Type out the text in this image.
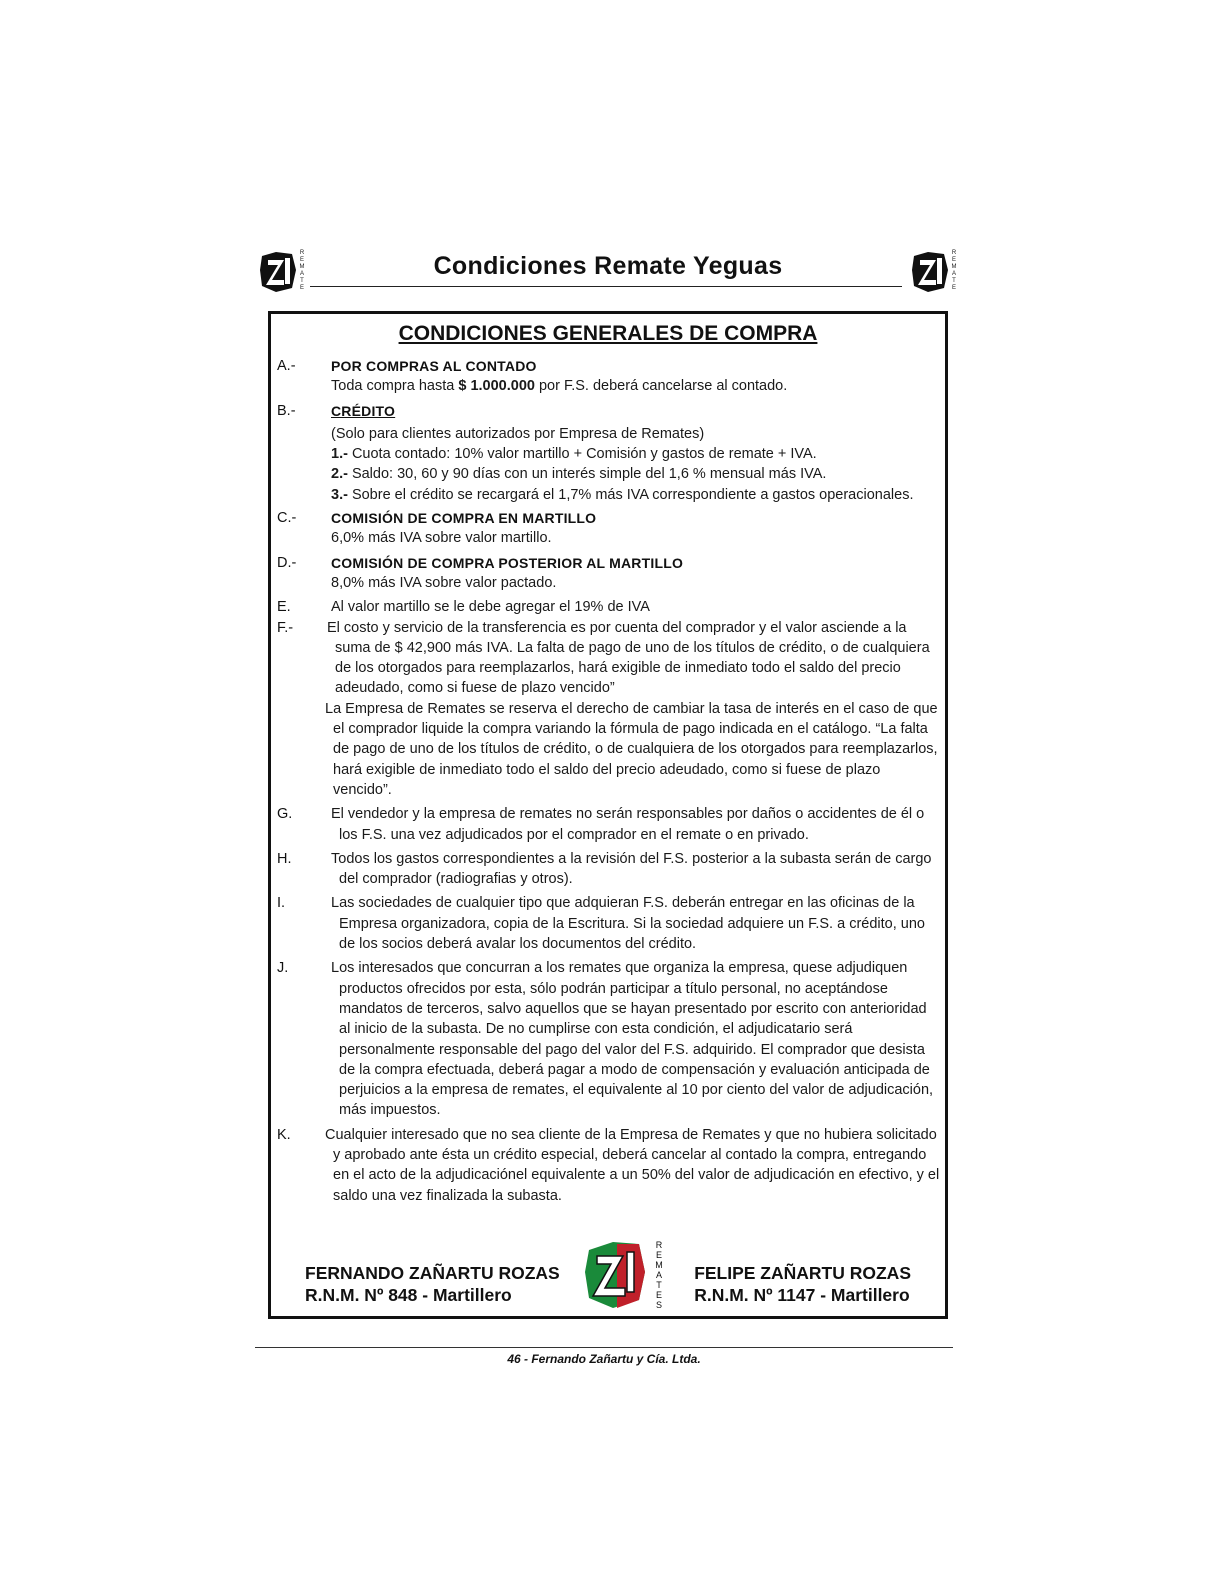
R
E
M
A
T
E
Condiciones Remate Yeguas	R
E
M
A
T
E
CONDICIONES GENERALES DE COMPRA
A.-	POR COMPRAS AL CONTADO
Toda compra hasta $ 1.000.000 por F.S. deberá cancelarse al contado.
B.-	CRÉDITO
(Solo para clientes autorizados por Empresa de Remates)
1.- Cuota contado: 10% valor martillo + Comisión y gastos de remate + IVA.
2.- Saldo: 30, 60 y 90 días con un interés simple del 1,6 % mensual más IVA.
3.- Sobre el crédito se recargará el 1,7% más IVA correspondiente a gastos operacionales.
C.- COMISIÓN DE COMPRA EN MARTILLO
6,0% más IVA sobre valor martillo.
D.- COMISIÓN DE COMPRA POSTERIOR AL MARTILLO
8,0% más IVA sobre valor pactado.
E.	Al valor martillo se le debe agregar el 19% de IVA
F.- El costo y servicio de la transferencia es por cuenta del comprador y el valor asciende a la suma de $ 42,900 más IVA. La falta de pago de uno de los títulos de crédito, o de cualquiera de los otorgados para reemplazarlos, hará exigible de inmediato todo el saldo del precio adeudado, como si fuese de plazo vencido”
La Empresa de Remates se reserva el derecho de cambiar la tasa de interés en el caso de que el comprador liquide la compra variando la fórmula de pago indicada en el catálogo. “La falta de pago de uno de los títulos de crédito, o de cualquiera de los otorgados para reemplazarlos, hará exigible de inmediato todo el saldo del precio adeudado, como si fuese de plazo vencido”.
G.	El vendedor y la empresa de remates no serán responsables por daños o accidentes de él o los F.S. una vez adjudicados por el comprador en el remate o en privado.
H.	Todos los gastos correspondientes a la revisión del F.S. posterior a la subasta serán de cargo del comprador (radiografias y otros).
I.	Las sociedades de cualquier tipo que adquieran F.S. deberán entregar en las oficinas de la Empresa organizadora, copia de la Escritura. Si la sociedad adquiere un F.S. a crédito, uno de los socios deberá avalar los documentos del crédito.
J.	Los interesados que concurran a los remates que organiza la empresa, quese adjudiquen productos ofrecidos por esta, sólo podrán participar a título personal, no aceptándose mandatos de terceros, salvo aquellos que se hayan presentado por escrito con anterioridad al inicio de la subasta. De no cumplirse con esta condición, el adjudicatario será personalmente responsable del pago del valor del F.S. adquirido. El comprador que desista de la compra efectuada, deberá pagar a modo de compensación y evaluación anticipada de perjuicios a la empresa de remates, el equivalente al 10 por ciento del valor de adjudicación, más impuestos.
K. Cualquier interesado que no sea cliente de la Empresa de Remates y que no hubiera solicitado y aprobado ante ésta un crédito especial, deberá cancelar al contado la compra, entregando en el acto de la adjudicaciónel equivalente a un 50% del valor de adjudicación en efectivo, y el saldo una vez finalizada la subasta.
FERNANDO ZAÑARTU ROZAS
R.N.M. Nº 848 - Martillero
R
E
M
A
T
E
S
FELIPE ZAÑARTU ROZAS
R.N.M. Nº 1147 - Martillero
46 - Fernando Zañartu y Cía. Ltda.
